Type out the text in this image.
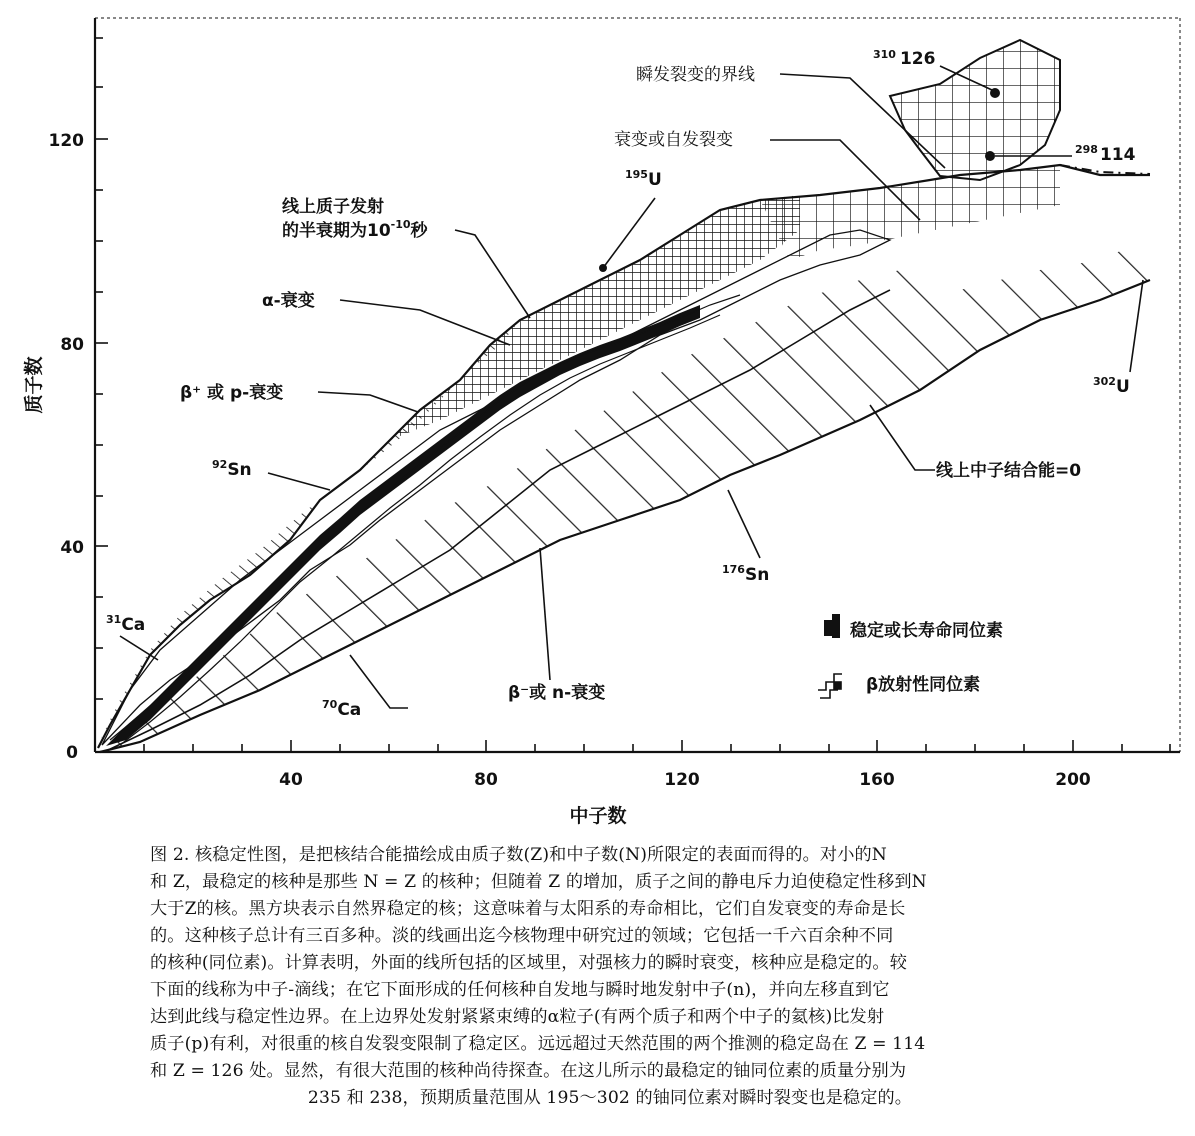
0
40
80
120
40	80	120	160	200
质子数
中子数
瞬发裂变的界线
衰变或自发裂变
线上质子发射
的半衰期为$10^{-10}$秒
α-衰变
β⁺ 或 p-衰变
$^{92}$Sn
$^{31}$Ca
$^{195}$U
$^{310}$ 126
$^{298}$ 114
$^{302}$U
线上中子结合能=0
$^{176}$Sn
β⁻或 n-衰变
$^{70}$Ca
稳定或长寿命同位素
β放射性同位素
图 2. 核稳定性图，是把核结合能描绘成由质子数(Z)和中子数(N)所限定的表面而得的。对小的N
和 Z，最稳定的核种是那些 N = Z 的核种；但随着 Z 的增加，质子之间的静电斥力迫使稳定性移到N
大于Z的核。黑方块表示自然界稳定的核；这意味着与太阳系的寿命相比，它们自发衰变的寿命是长
的。这种核子总计有三百多种。淡的线画出迄今核物理中研究过的领域；它包括一千六百余种不同
的核种(同位素)。计算表明，外面的线所包括的区域里，对强核力的瞬时衰变，核种应是稳定的。较
下面的线称为中子-滴线；在它下面形成的任何核种自发地与瞬时地发射中子(n)，并向左移直到它
达到此线与稳定性边界。在上边界处发射紧紧束缚的α粒子(有两个质子和两个中子的氦核)比发射
质子(p)有利，对很重的核自发裂变限制了稳定区。远远超过天然范围的两个推测的稳定岛在 Z = 114
和 Z = 126 处。显然，有很大范围的核种尚待探查。在这儿所示的最稳定的铀同位素的质量分别为
235 和 238，预期质量范围从 195～302 的铀同位素对瞬时裂变也是稳定的。
